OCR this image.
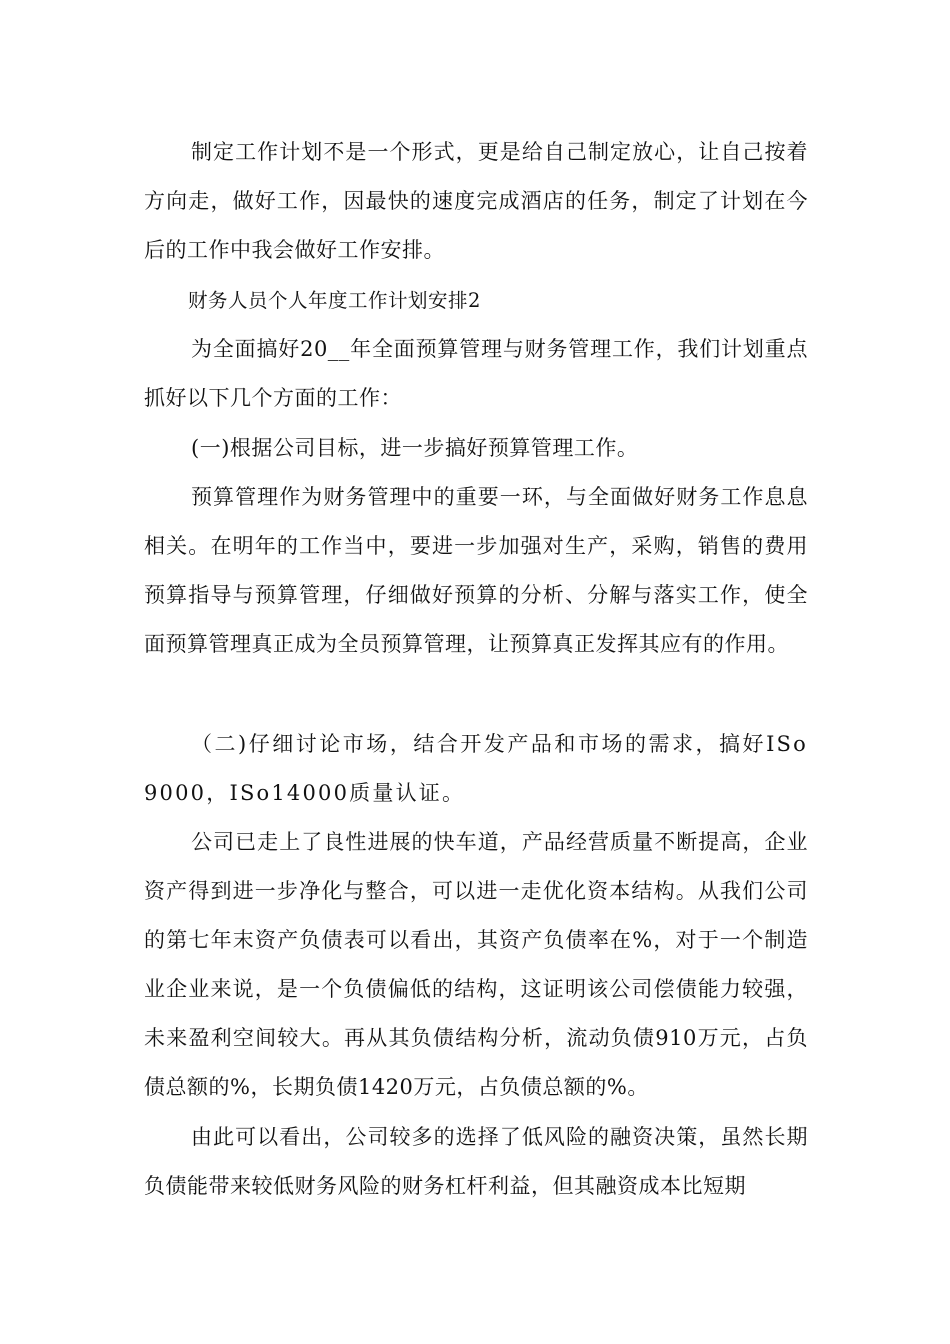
制定工作计划不是一个形式，更是给自己制定放心，让自己按着方向走，做好工作，因最快的速度完成酒店的任务，制定了计划在今后的工作中我会做好工作安排。

财务人员个人年度工作计划安排2

为全面搞好20__年全面预算管理与财务管理工作，我们计划重点抓好以下几个方面的工作：

(一)根据公司目标，进一步搞好预算管理工作。

预算管理作为财务管理中的重要一环，与全面做好财务工作息息相关。在明年的工作当中，要进一步加强对生产，采购，销售的费用预算指导与预算管理，仔细做好预算的分析、分解与落实工作，使全面预算管理真正成为全员预算管理，让预算真正发挥其应有的作用。

（二)仔细讨论市场，结合开发产品和市场的需求，搞好ISo9000，ISo14000质量认证。

公司已走上了良性进展的快车道，产品经营质量不断提高，企业资产得到进一步净化与整合，可以进一走优化资本结构。从我们公司的第七年末资产负债表可以看出，其资产负债率在%，对于一个制造业企业来说，是一个负债偏低的结构，这证明该公司偿债能力较强，未来盈利空间较大。再从其负债结构分析，流动负债910万元，占负债总额的%，长期负债1420万元，占负债总额的%。

由此可以看出，公司较多的选择了低风险的融资决策，虽然长期负债能带来较低财务风险的财务杠杆利益，但其融资成本比短期
